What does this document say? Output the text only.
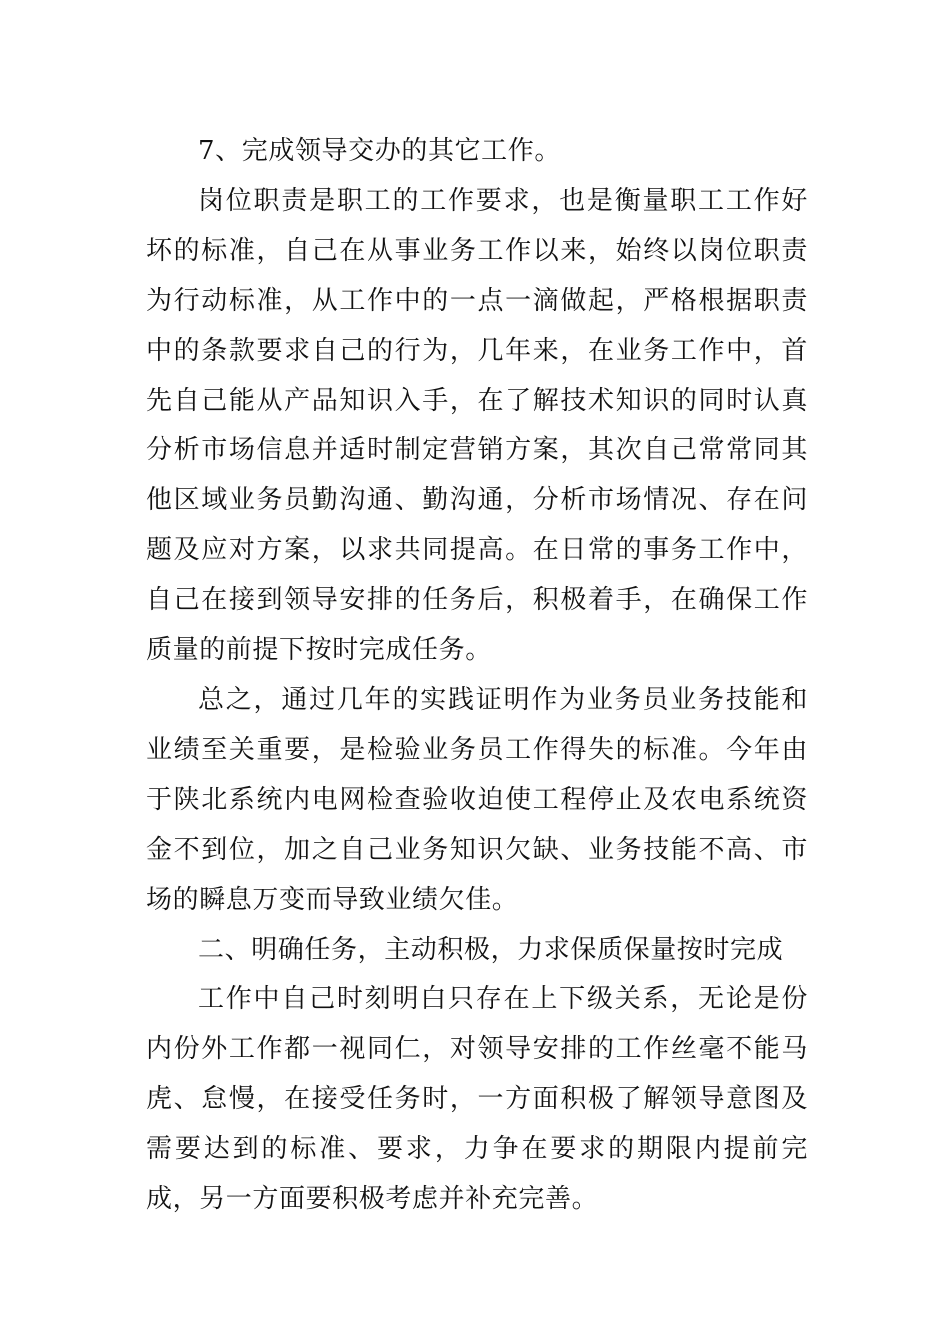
7、完成领导交办的其它工作。

岗位职责是职工的工作要求，也是衡量职工工作好坏的标准，自己在从事业务工作以来，始终以岗位职责为行动标准，从工作中的一点一滴做起，严格根据职责中的条款要求自己的行为，几年来，在业务工作中，首先自己能从产品知识入手，在了解技术知识的同时认真分析市场信息并适时制定营销方案，其次自己常常同其他区域业务员勤沟通、勤沟通，分析市场情况、存在问题及应对方案，以求共同提高。在日常的事务工作中，自己在接到领导安排的任务后，积极着手，在确保工作质量的前提下按时完成任务。

总之，通过几年的实践证明作为业务员业务技能和业绩至关重要，是检验业务员工作得失的标准。今年由于陕北系统内电网检查验收迫使工程停止及农电系统资金不到位，加之自己业务知识欠缺、业务技能不高、市场的瞬息万变而导致业绩欠佳。

二、明确任务，主动积极，力求保质保量按时完成

工作中自己时刻明白只存在上下级关系，无论是份内份外工作都一视同仁，对领导安排的工作丝毫不能马虎、怠慢，在接受任务时，一方面积极了解领导意图及需要达到的标准、要求，力争在要求的期限内提前完成，另一方面要积极考虑并补充完善。
